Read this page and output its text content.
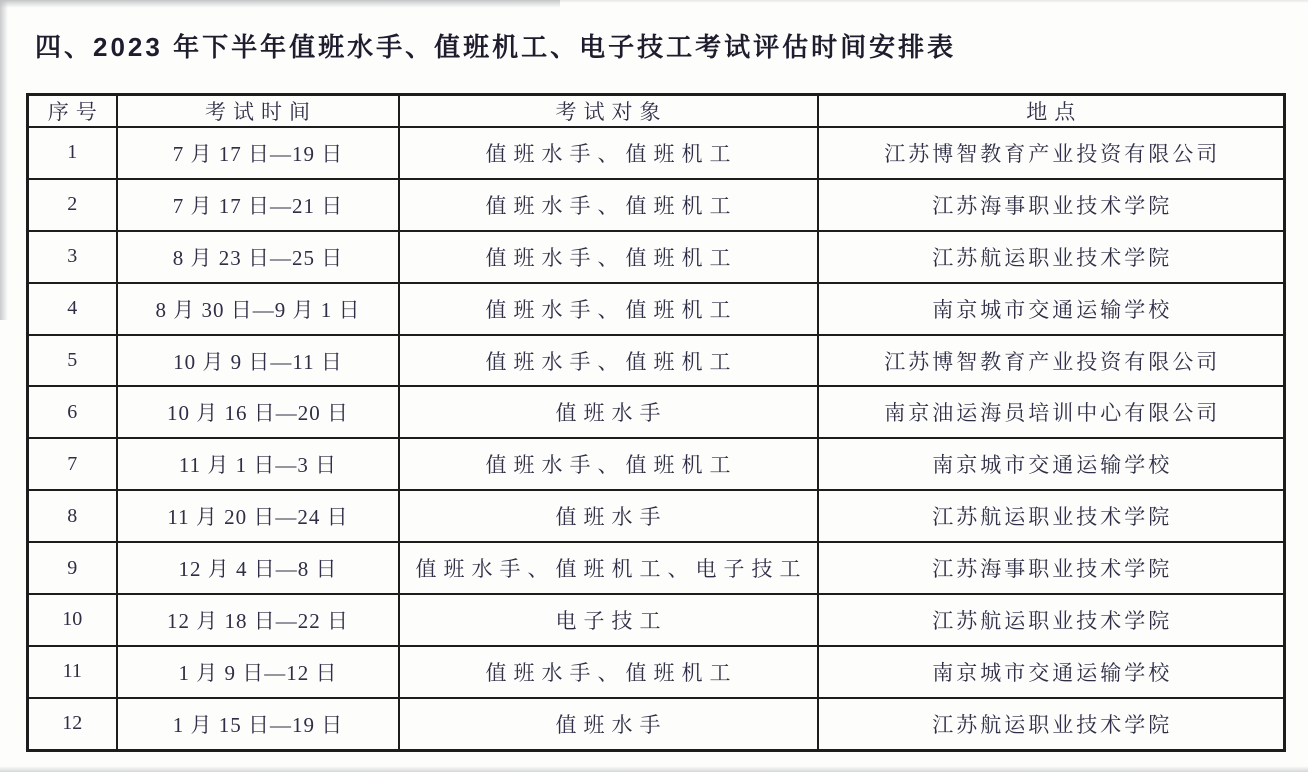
四、2023 年下半年值班水手、值班机工、电子技工考试评估时间安排表
序号	考试时间	考试对象	地点
1	7 月 17 日—19 日	值班水手、值班机工	江苏博智教育产业投资有限公司
2	7 月 17 日—21 日	值班水手、值班机工	江苏海事职业技术学院
3	8 月 23 日—25 日	值班水手、值班机工	江苏航运职业技术学院
4	8 月 30 日—9 月 1 日	值班水手、值班机工	南京城市交通运输学校
5	10 月 9 日—11 日	值班水手、值班机工	江苏博智教育产业投资有限公司
6	10 月 16 日—20 日	值班水手	南京油运海员培训中心有限公司
7	11 月 1 日—3 日	值班水手、值班机工	南京城市交通运输学校
8	11 月 20 日—24 日	值班水手	江苏航运职业技术学院
9	12 月 4 日—8 日	值班水手、值班机工、电子技工	江苏海事职业技术学院
10	12 月 18 日—22 日	电子技工	江苏航运职业技术学院
11	1 月 9 日—12 日	值班水手、值班机工	南京城市交通运输学校
12	1 月 15 日—19 日	值班水手	江苏航运职业技术学院
